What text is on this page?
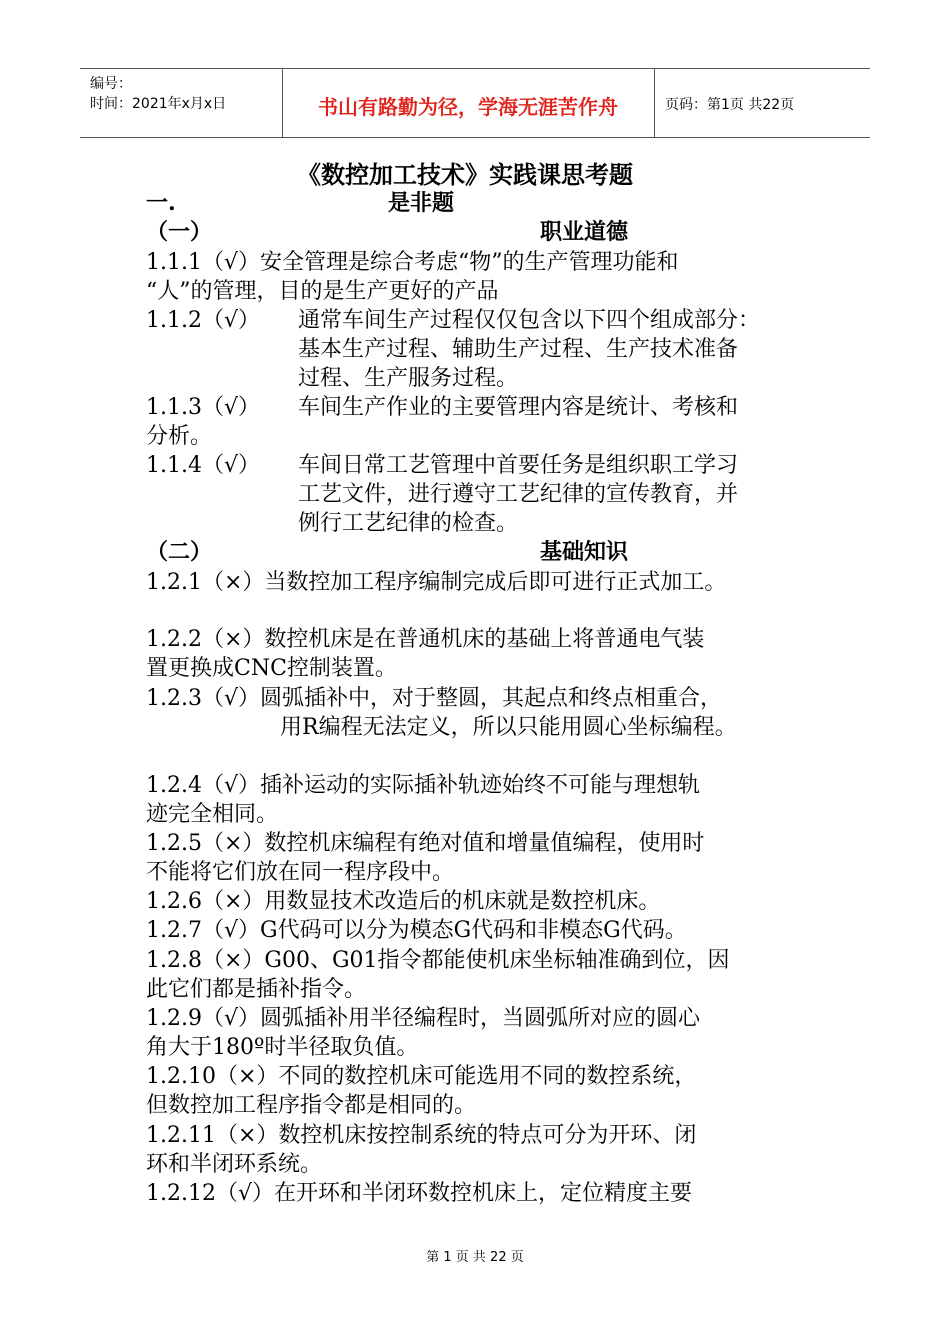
编号：
时间：2021年x月x日	书山有路勤为径，学海无涯苦作舟	页码：第1页 共22页
《数控加工技术》实践课思考题
一.	是非题
（一）	职业道德
1.1.1（√）安全管理是综合考虑“物”的生产管理功能和
“人”的管理，目的是生产更好的产品
1.1.2（√） 通常车间生产过程仅仅包含以下四个组成部分：
基本生产过程、辅助生产过程、生产技术准备
过程、生产服务过程。
1.1.3（√） 车间生产作业的主要管理内容是统计、考核和
分析。
1.1.4（√） 车间日常工艺管理中首要任务是组织职工学习
工艺文件，进行遵守工艺纪律的宣传教育，并
例行工艺纪律的检查。
（二）	基础知识
1.2.1（×）当数控加工程序编制完成后即可进行正式加工。
1.2.2（×）数控机床是在普通机床的基础上将普通电气装
置更换成CNC控制装置。
1.2.3（√）圆弧插补中，对于整圆，其起点和终点相重合，
用R编程无法定义，所以只能用圆心坐标编程。
1.2.4（√）插补运动的实际插补轨迹始终不可能与理想轨
迹完全相同。
1.2.5（×）数控机床编程有绝对值和增量值编程，使用时
不能将它们放在同一程序段中。
1.2.6（×）用数显技术改造后的机床就是数控机床。
1.2.7（√）G代码可以分为模态G代码和非模态G代码。
1.2.8（×）G00、G01指令都能使机床坐标轴准确到位，因
此它们都是插补指令。
1.2.9（√）圆弧插补用半径编程时，当圆弧所对应的圆心
角大于180º时半径取负值。
1.2.10（×）不同的数控机床可能选用不同的数控系统，
但数控加工程序指令都是相同的。
1.2.11（×）数控机床按控制系统的特点可分为开环、闭
环和半闭环系统。
1.2.12（√）在开环和半闭环数控机床上，定位精度主要
第 1 页 共 22 页
